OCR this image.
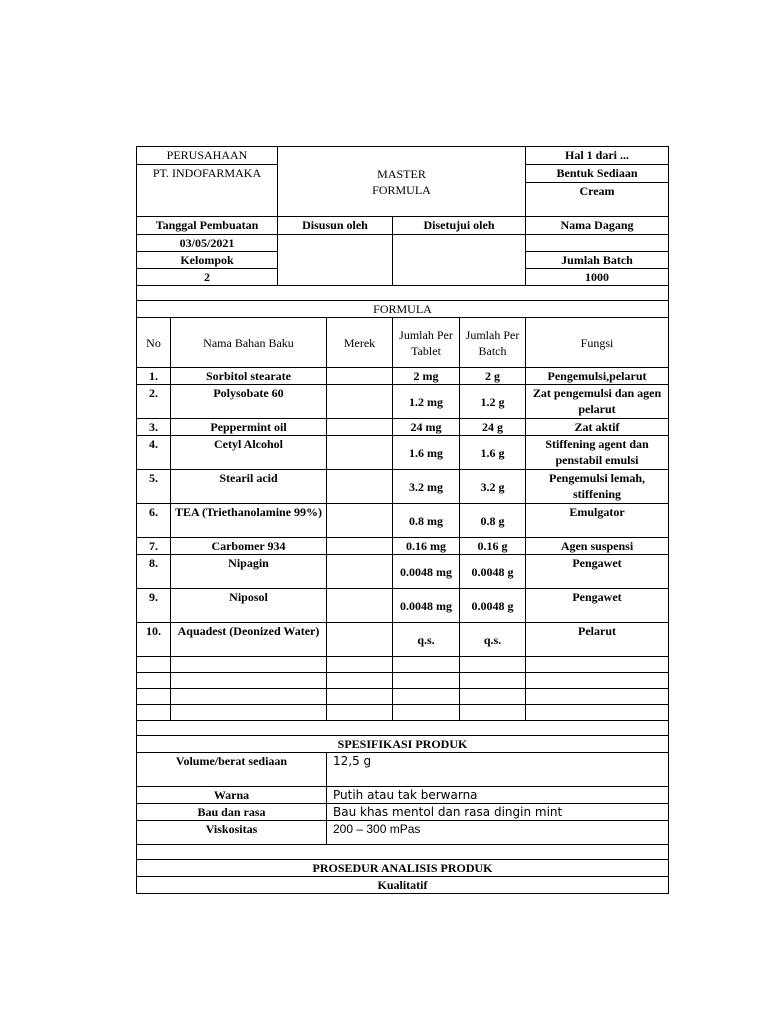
PERUSAHAAN		MASTER
FORMULA				Hal 1 dari ...
PT. INDOFARMAKA						Bentuk Sediaan
						Cream
Tanggal Pembuatan		Disusun oleh		Disetujui oleh		Nama Dagang
03/05/2021						
Kelompok						Jumlah Batch
2						1000

FORMULA						
No	Nama Bahan Baku		Merek	Jumlah Per Tablet	Jumlah Per Batch	Fungsi
1.	Sorbitol stearate			2 mg	2 g	Pengemulsi,pelarut
2.	Polysobate 60			1.2 mg	1.2 g	Zat pengemulsi dan agen pelarut
3.	Peppermint oil			24 mg	24 g	Zat aktif
4.	Cetyl Alcohol			1.6 mg	1.6 g	Stiffening agent dan penstabil emulsi
5.	Stearil acid			3.2 mg	3.2 g	Pengemulsi lemah, stiffening
6.	TEA (Triethanolamine 99%)			0.8 mg	0.8 g	Emulgator
7.	Carbomer 934			0.16 mg	0.16 g	Agen suspensi
8.	Nipagin			0.0048 mg	0.0048 g	Pengawet
9.	Niposol			0.0048 mg	0.0048 g	Pengawet
10.	Aquadest (Deonized Water)			q.s.	q.s.	Pelarut

SPESIFIKASI PRODUK						
Volume/berat sediaan			12,5 g			
Warna			Putih atau tak berwarna			
Bau dan rasa			Bau khas mentol dan rasa dingin mint			
Viskositas			200 – 300 mPas			

PROSEDUR ANALISIS PRODUK						
Kualitatif						
